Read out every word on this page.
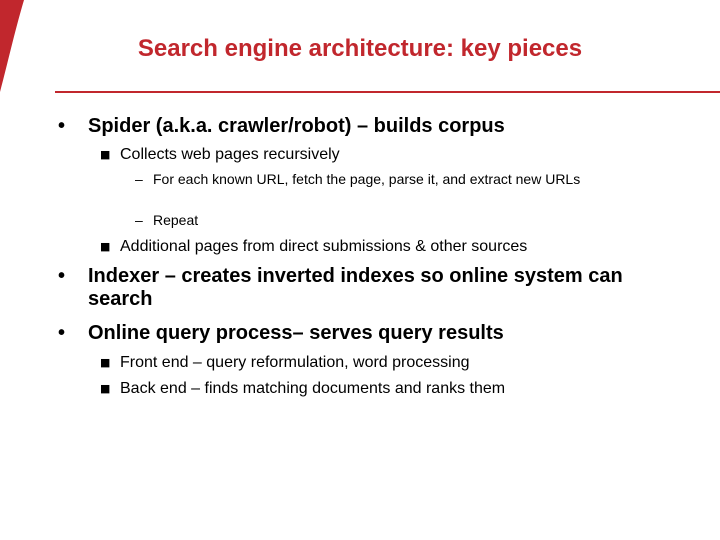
Search engine architecture: key pieces
• Spider (a.k.a. crawler/robot) – builds corpus
■ Collects web pages recursively
– For each known URL, fetch the page, parse it, and extract new URLs
– Repeat
■ Additional pages from direct submissions & other sources
• Indexer – creates inverted indexes so online system can search
• Online query process– serves query results
■ Front end – query reformulation, word processing
■ Back end – finds matching documents and ranks them
